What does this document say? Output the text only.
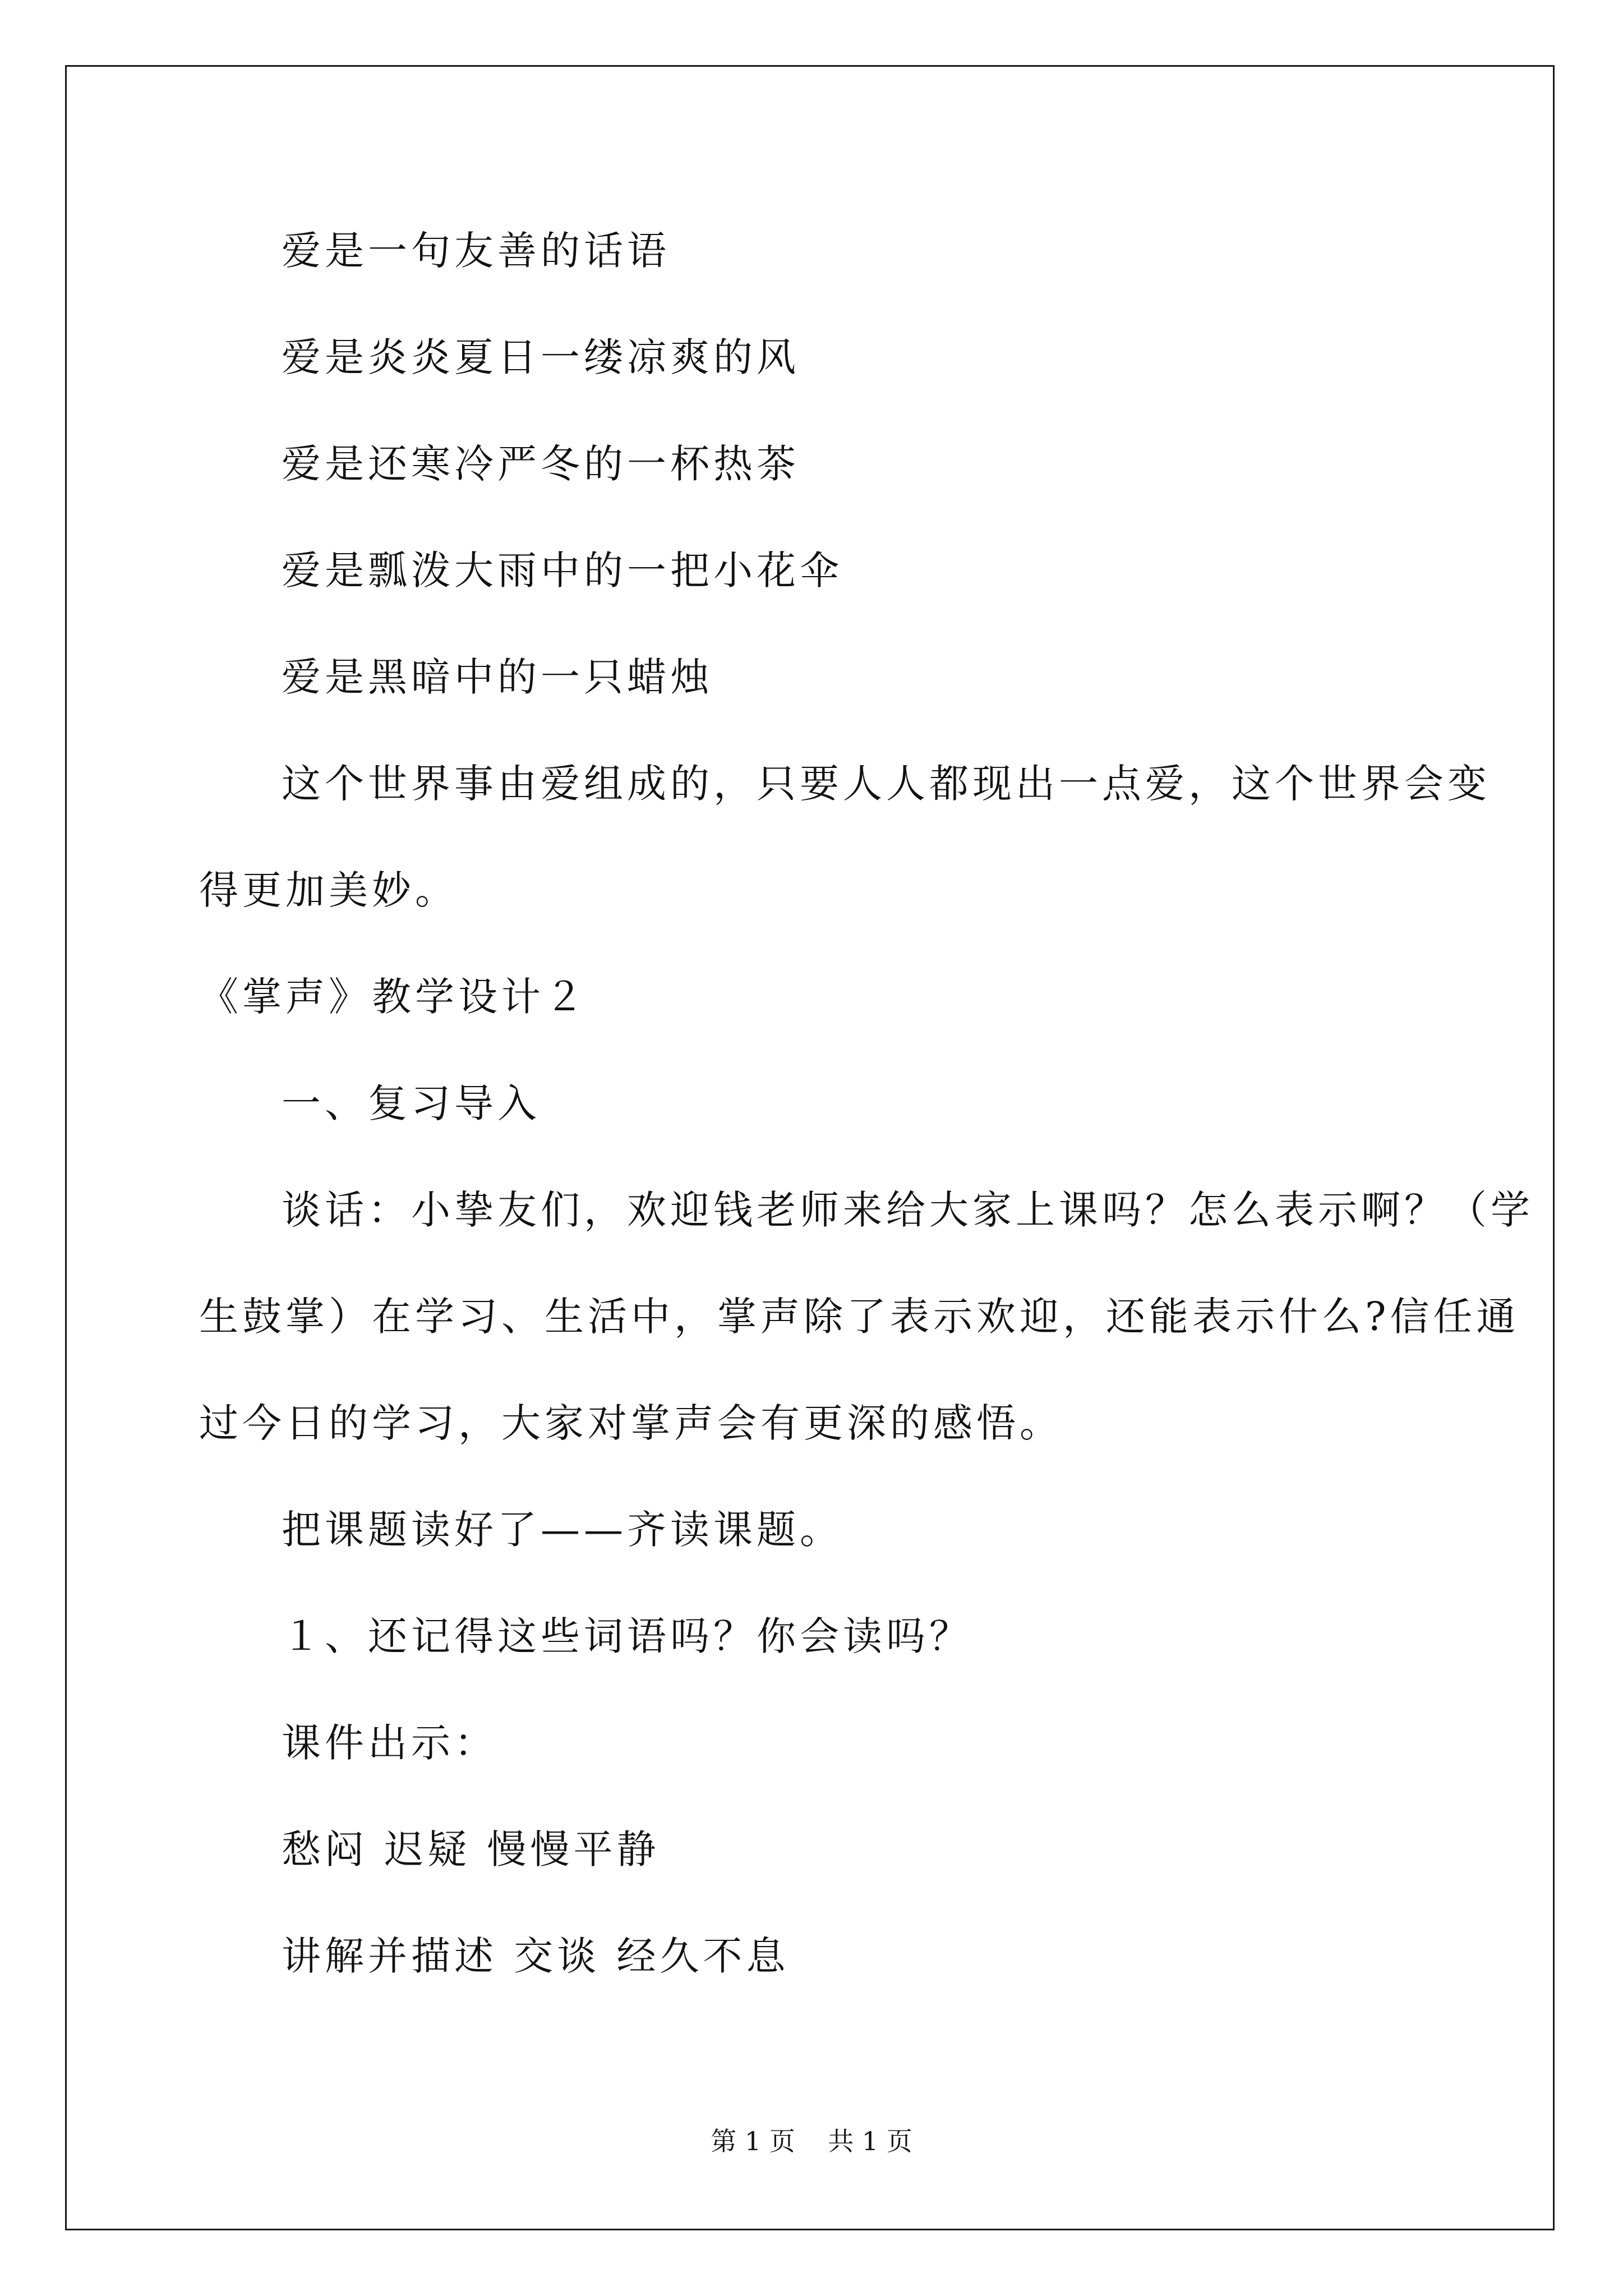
爱是一句友善的话语
爱是炎炎夏日一缕凉爽的风
爱是还寒冷严冬的一杯热茶
爱是瓢泼大雨中的一把小花伞
爱是黑暗中的一只蜡烛
这个世界事由爱组成的，只要人人都现出一点爱，这个世界会变
得更加美妙。
《掌声》教学设计２
一、复习导入
谈话：小挚友们，欢迎钱老师来给大家上课吗？怎么表示啊？（学
生鼓掌）在学习、生活中，掌声除了表示欢迎，还能表示什么?信任通
过今日的学习，大家对掌声会有更深的感悟。
把课题读好了——齐读课题。
１、还记得这些词语吗？你会读吗？
课件出示：
愁闷 迟疑 慢慢平静
讲解并描述 交谈 经久不息
第 1 页    共 1 页
